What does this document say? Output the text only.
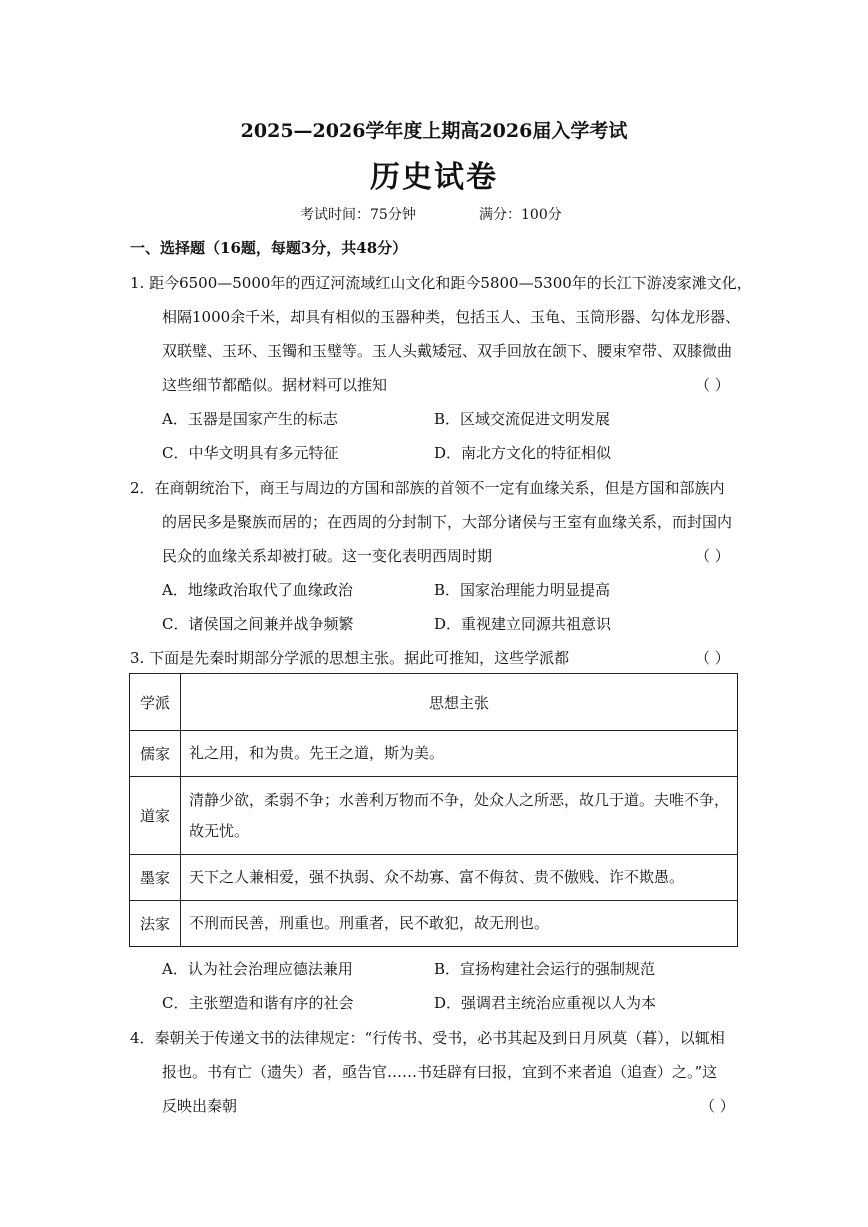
2025—2026学年度上期高2026届入学考试
历史试卷
考试时间：75分钟	满分：100分
一、选择题（16题，每题3分，共48分）
1. 距今6500—5000年的西辽河流域红山文化和距今5800—5300年的长江下游凌家滩文化，
相隔1000余千米，却具有相似的玉器种类，包括玉人、玉龟、玉筒形器、勾体龙形器、
双联璧、玉环、玉镯和玉璧等。玉人头戴矮冠、双手回放在颌下、腰束窄带、双膝微曲
这些细节都酷似。据材料可以推知	（ ）
A．玉器是国家产生的标志	B．区域交流促进文明发展
C．中华文明具有多元特征	D．南北方文化的特征相似
2．在商朝统治下，商王与周边的方国和部族的首领不一定有血缘关系，但是方国和部族内
的居民多是聚族而居的；在西周的分封制下，大部分诸侯与王室有血缘关系，而封国内
民众的血缘关系却被打破。这一变化表明西周时期	（ ）
A．地缘政治取代了血缘政治	B．国家治理能力明显提高
C．诸侯国之间兼并战争频繁	D．重视建立同源共祖意识
3. 下面是先秦时期部分学派的思想主张。据此可推知，这些学派都	（ ）
学派	思想主张
儒家	礼之用，和为贵。先王之道，斯为美。
道家	清静少欲，柔弱不争；水善利万物而不争，处众人之所恶，故几于道。夫唯不争，故无忧。
墨家	天下之人兼相爱，强不执弱、众不劫寡、富不侮贫、贵不傲贱、诈不欺愚。
法家	不刑而民善，刑重也。刑重者，民不敢犯，故无刑也。
A．认为社会治理应德法兼用	B．宣扬构建社会运行的强制规范
C．主张塑造和谐有序的社会	D．强调君主统治应重视以人为本
4．秦朝关于传递文书的法律规定：“行传书、受书，必书其起及到日月夙莫（暮），以辄相
报也。书有亡（遗失）者，亟告官……书廷辟有曰报，宜到不来者追（追查）之。”这
反映出秦朝	（ ）
